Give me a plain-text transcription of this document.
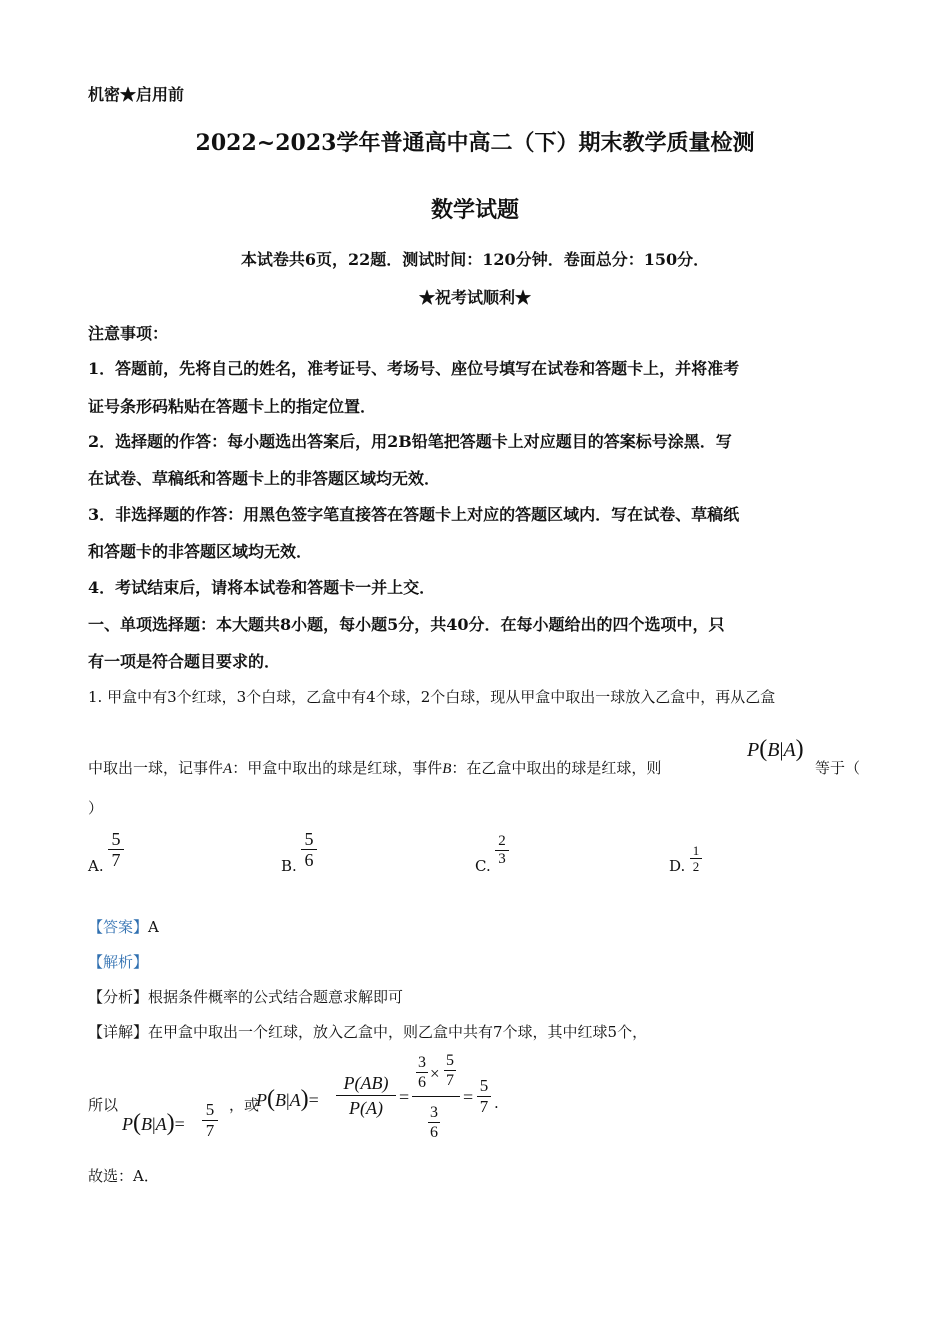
机密★启用前
2022~2023学年普通高中高二（下）期末教学质量检测
数学试题
本试卷共6页，22题．测试时间：120分钟．卷面总分：150分．
★祝考试顺利★
注意事项：
1．答题前，先将自己的姓名，准考证号、考场号、座位号填写在试卷和答题卡上，并将准考
证号条形码粘贴在答题卡上的指定位置．
2．选择题的作答：每小题选出答案后，用2B铅笔把答题卡上对应题目的答案标号涂黑．写
在试卷、草稿纸和答题卡上的非答题区域均无效．
3．非选择题的作答：用黑色签字笔直接答在答题卡上对应的答题区域内．写在试卷、草稿纸
和答题卡的非答题区域均无效．
4．考试结束后，请将本试卷和答题卡一并上交．
一、单项选择题：本大题共8小题，每小题5分，共40分．在每小题给出的四个选项中，只
有一项是符合题目要求的．
1. 甲盒中有3个红球，3个白球，乙盒中有4个球，2个白球，现从甲盒中取出一球放入乙盒中，再从乙盒
中取出一球，记事件A：甲盒中取出的球是红球，事件B：在乙盒中取出的球是红球，则
P(B|A)
等于（
）
A.
5
7	B.
5
6	C.
2
3	D.
1
2
【答案】A
【解析】
【分析】根据条件概率的公式结合题意求解即可
【详解】在甲盒中取出一个红球，放入乙盒中，则乙盒中共有7个球，其中红球5个，
所以
P(B|A)=
5
7
，或
P(B|A)=
P(AB)
P(A)
=
3
6 ×
5
7
3
6
=
5
7 .
故选：A．
